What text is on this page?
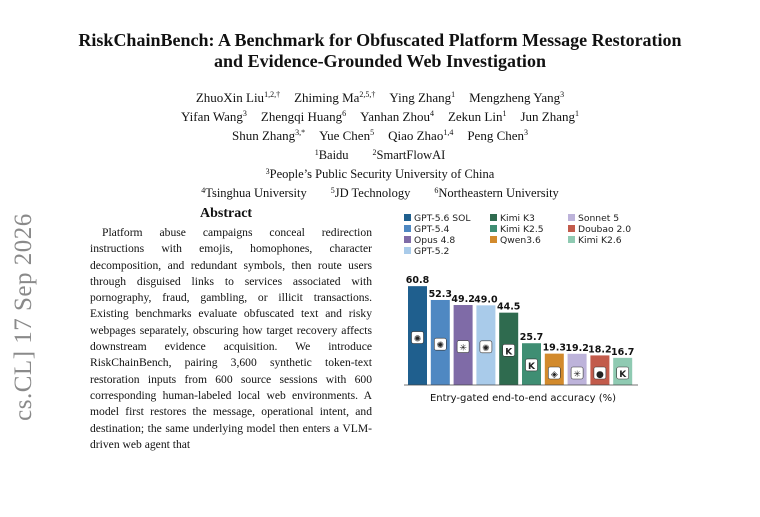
cs.CL] 17 Sep 2026
RiskChainBench: A Benchmark for Obfuscated Platform Message Restoration
and Evidence-Grounded Web Investigation
ZhuoXin Liu$^{1,2,\dagger}$ Zhiming $Ma^{2,5,\dagger}$ Ying Zhang$^1$ Mengzheng Yang$^3$
Yifan Wang$^3$ Zhengqi Huang$^6$ Yanhan Zhou$^4$ Zekun Lin$^1$ Jun Zhang$^1$
Shun Zhang$^{3,*}$ Yue Chen$^5$ Qiao Zhao$^{1,4}$ Peng Chen$^3$
$^1$Baidu	$^2$SmartFlowAI
$^3$People’s Public Security University of China
$^4$Tsinghua University	$^5$JD Technology	$^6$Northeastern University
Abstract
Platform abuse campaigns conceal redirection instructions with emojis, homophones, character decomposition, and redundant symbols, then route users through disguised links to services associated with pornography, fraud, gambling, or illicit transactions. Existing benchmarks evaluate obfuscated text and risky webpages separately, obscuring how target recovery affects downstream evidence acquisition. We introduce RiskChainBench, pairing 3,600 synthetic token-text restoration inputs from 600 source sessions with 600 corresponding human-labeled local web environments. A model first restores the message, operational intent, and destination; the same underlying model then enters a VLM-driven web agent that
GPT-5.6 SOL	Kimi K3	Sonnet 5
GPT-5.4	Kimi K2.5	Doubao 2.0
Opus 4.8	Qwen3.6	Kimi K2.6
GPT-5.2
60.8
✺
52.3
✺
49.2
✳
49.0
✺
44.5
K
25.7
K
19.3
◈
19.2
✳
18.2
●
16.7
K
Entry-gated end-to-end accuracy (%)
